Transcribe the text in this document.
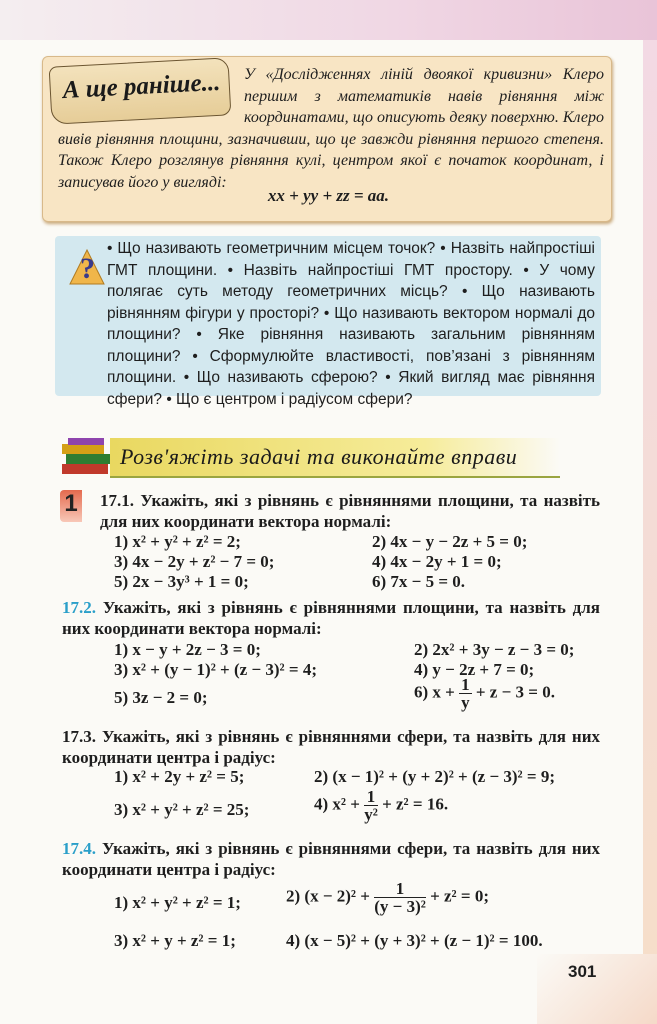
У «Дослідженнях ліній двоякої кривизни» Клеро першим з математиків навів рівняння між координатами, що описують деяку поверхню. Клеро вивів рівняння площини, зазначивши, що це завжди рівняння першого степеня. Також Клеро розглянув рівняння кулі, центром якої є початок координат, і записував його у вигляді:
А ще раніше...
xx + yy + zz = aa.
?
• Що називають геометричним місцем точок? • Назвіть найпростіші ГМТ площини. • Назвіть найпростіші ГМТ простору. • У чому полягає суть методу геометричних місць? • Що називають рівнянням фігури у просторі? • Що називають вектором нормалі до площини? • Яке рівняння називають загальним рівнянням площини? • Сформулюйте властивості, пов’язані з рівнянням площини. • Що називають сферою? • Який вигляд має рівняння сфери? • Що є центром і радіусом сфери?
Розв'яжіть задачі та виконайте вправи
1 17.1. Укажіть, які з рівнянь є рівняннями площини, та назвіть для них координати вектора нормалі:
1) x² + y² + z² = 2;	2) 4x − y − 2z + 5 = 0;
3) 4x − 2y + z² − 7 = 0;	4) 4x − 2y + 1 = 0;
5) 2x − 3y³ + 1 = 0;	6) 7x − 5 = 0.
17.2. Укажіть, які з рівнянь є рівняннями площини, та назвіть для них координати вектора нормалі:
1) x − y + 2z − 3 = 0;	2) 2x² + 3y − z − 3 = 0;
3) x² + (y − 1)² + (z − 3)² = 4;	4) y − 2z + 7 = 0;
5) 3z − 2 = 0;	6) $x + \frac{1}{y} + z - 3 = 0$.
17.3. Укажіть, які з рівнянь є рівняннями сфери, та назвіть для них координати центра і радіус:
1) x² + 2y + z² = 5;	2) (x − 1)² + (y + 2)² + (z − 3)² = 9;
3) x² + y² + z² = 25;	4) $x^2 + \frac{1}{\text{y²}} + z^2 = 16$.
17.4. Укажіть, які з рівнянь є рівняннями сфери, та назвіть для них координати центра і радіус:
1) x² + y² + z² = 1;	2) $(x - 2)^2 + \frac{1}{\text{(y − 3)²}} + z^2 = 0$;
3) x² + y + z² = 1;	4) (x − 5)² + (y + 3)² + (z − 1)² = 100.
301
